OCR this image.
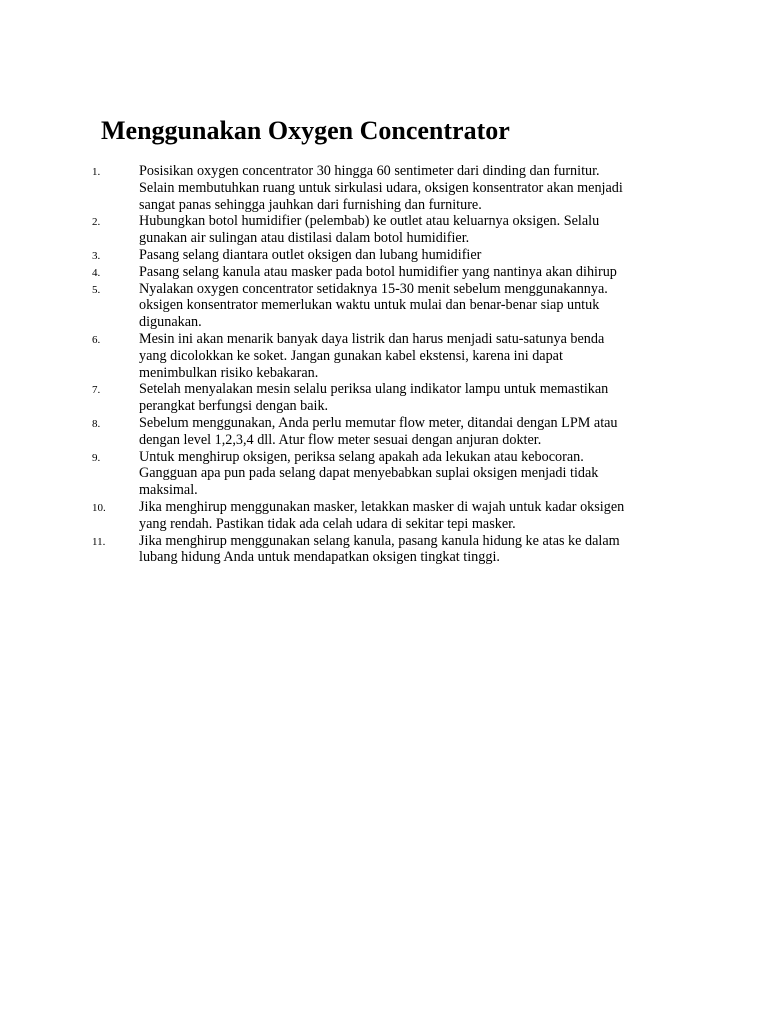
Menggunakan Oxygen Concentrator
1.	Posisikan oxygen concentrator 30 hingga 60 sentimeter dari dinding dan furnitur.
Selain membutuhkan ruang untuk sirkulasi udara, oksigen konsentrator akan menjadi
sangat panas sehingga jauhkan dari furnishing dan furniture.
2.	Hubungkan botol humidifier (pelembab) ke outlet atau keluarnya oksigen. Selalu
gunakan air sulingan atau distilasi dalam botol humidifier.
3.	Pasang selang diantara outlet oksigen dan lubang humidifier
4.	Pasang selang kanula atau masker pada botol humidifier yang nantinya akan dihirup
5.	Nyalakan oxygen concentrator setidaknya 15-30 menit sebelum menggunakannya.
oksigen konsentrator memerlukan waktu untuk mulai dan benar-benar siap untuk
digunakan.
6.	Mesin ini akan menarik banyak daya listrik dan harus menjadi satu-satunya benda
yang dicolokkan ke soket. Jangan gunakan kabel ekstensi, karena ini dapat
menimbulkan risiko kebakaran.
7.	Setelah menyalakan mesin selalu periksa ulang indikator lampu untuk memastikan
perangkat berfungsi dengan baik.
8.	Sebelum menggunakan, Anda perlu memutar flow meter, ditandai dengan LPM atau
dengan level 1,2,3,4 dll. Atur flow meter sesuai dengan anjuran dokter.
9.	Untuk menghirup oksigen, periksa selang apakah ada lekukan atau kebocoran.
Gangguan apa pun pada selang dapat menyebabkan suplai oksigen menjadi tidak
maksimal.
10. Jika menghirup menggunakan masker, letakkan masker di wajah untuk kadar oksigen
yang rendah. Pastikan tidak ada celah udara di sekitar tepi masker.
11. Jika menghirup menggunakan selang kanula, pasang kanula hidung ke atas ke dalam
lubang hidung Anda untuk mendapatkan oksigen tingkat tinggi.
